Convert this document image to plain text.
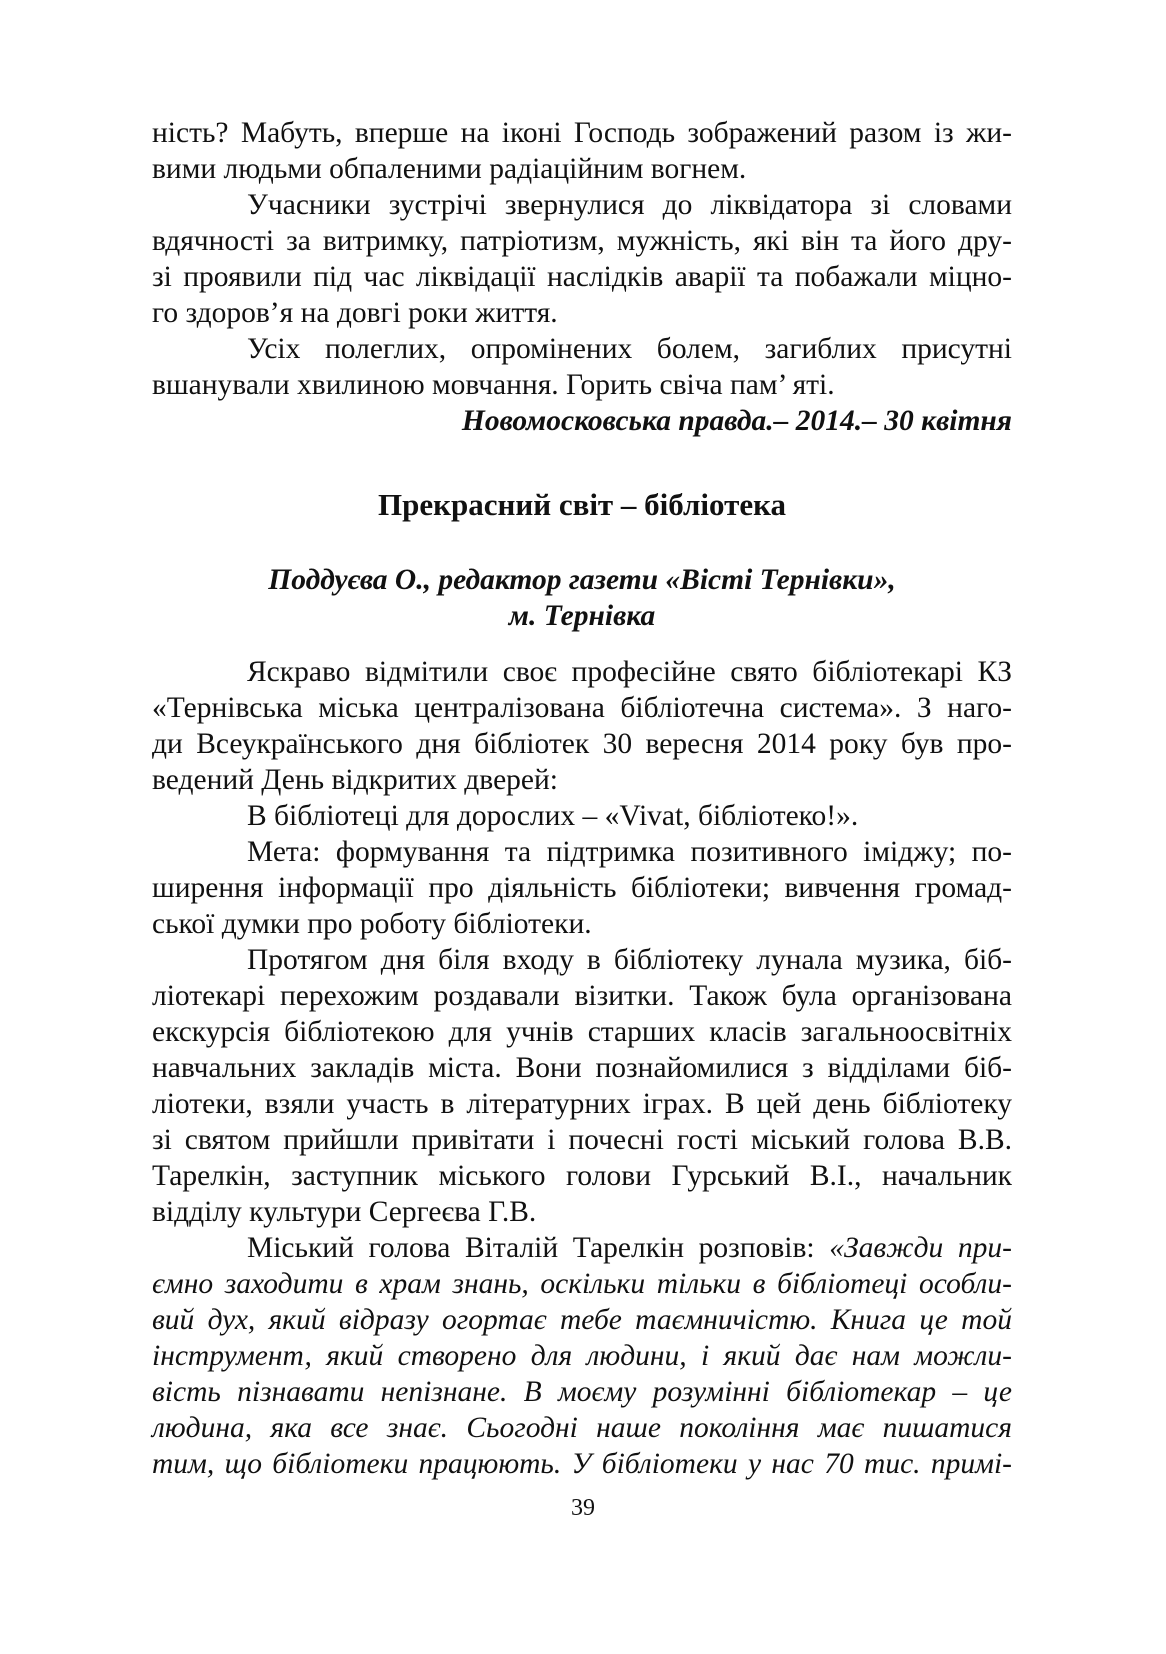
ність? Мабуть, вперше на іконі Господь зображений разом із жи-
вими людьми обпаленими радіаційним вогнем.
Учасники зустрічі звернулися до ліквідатора зі словами
вдячності за витримку, патріотизм, мужність, які він та його дру-
зі проявили під час ліквідації наслідків аварії та побажали міцно-
го здоров’я на довгі роки життя.
Усіх полеглих, опромінених болем, загиблих присутні
вшанували хвилиною мовчання. Горить свіча пам’ яті.
Новомосковська правда.– 2014.– 30 квітня
Прекрасний світ – бібліотека
Поддуєва О., редактор газети «Вісті Тернівки»,
м. Тернівка
Яскраво відмітили своє професійне свято бібліотекарі КЗ
«Тернівська міська централізована бібліотечна система». З наго-
ди Всеукраїнського дня бібліотек 30 вересня 2014 року був про-
ведений День відкритих дверей:
В бібліотеці для дорослих – «Vivat, бібліотеко!».
Мета: формування та підтримка позитивного іміджу; по-
ширення інформації про діяльність бібліотеки; вивчення громад-
ської думки про роботу бібліотеки.
Протягом дня біля входу в бібліотеку лунала музика, біб-
ліотекарі перехожим роздавали візитки. Також була організована
екскурсія бібліотекою для учнів старших класів загальноосвітніх
навчальних закладів міста. Вони познайомилися з відділами біб-
ліотеки, взяли участь в літературних іграх. В цей день бібліотеку
зі святом прийшли привітати і почесні гості міський голова В.В.
Тарелкін, заступник міського голови Гурський В.І., начальник
відділу культури Сергеєва Г.В.
Міський голова Віталій Тарелкін розповів: «Завжди при-
ємно заходити в храм знань, оскільки тільки в бібліотеці особли-
вий дух, який відразу огортає тебе таємничістю. Книга це той
інструмент, який створено для людини, і який дає нам можли-
вість пізнавати непізнане. В моєму розумінні бібліотекар – це
людина, яка все знає. Сьогодні наше покоління має пишатися
тим, що бібліотеки працюють. У бібліотеки у нас 70 тис. примі-
39
